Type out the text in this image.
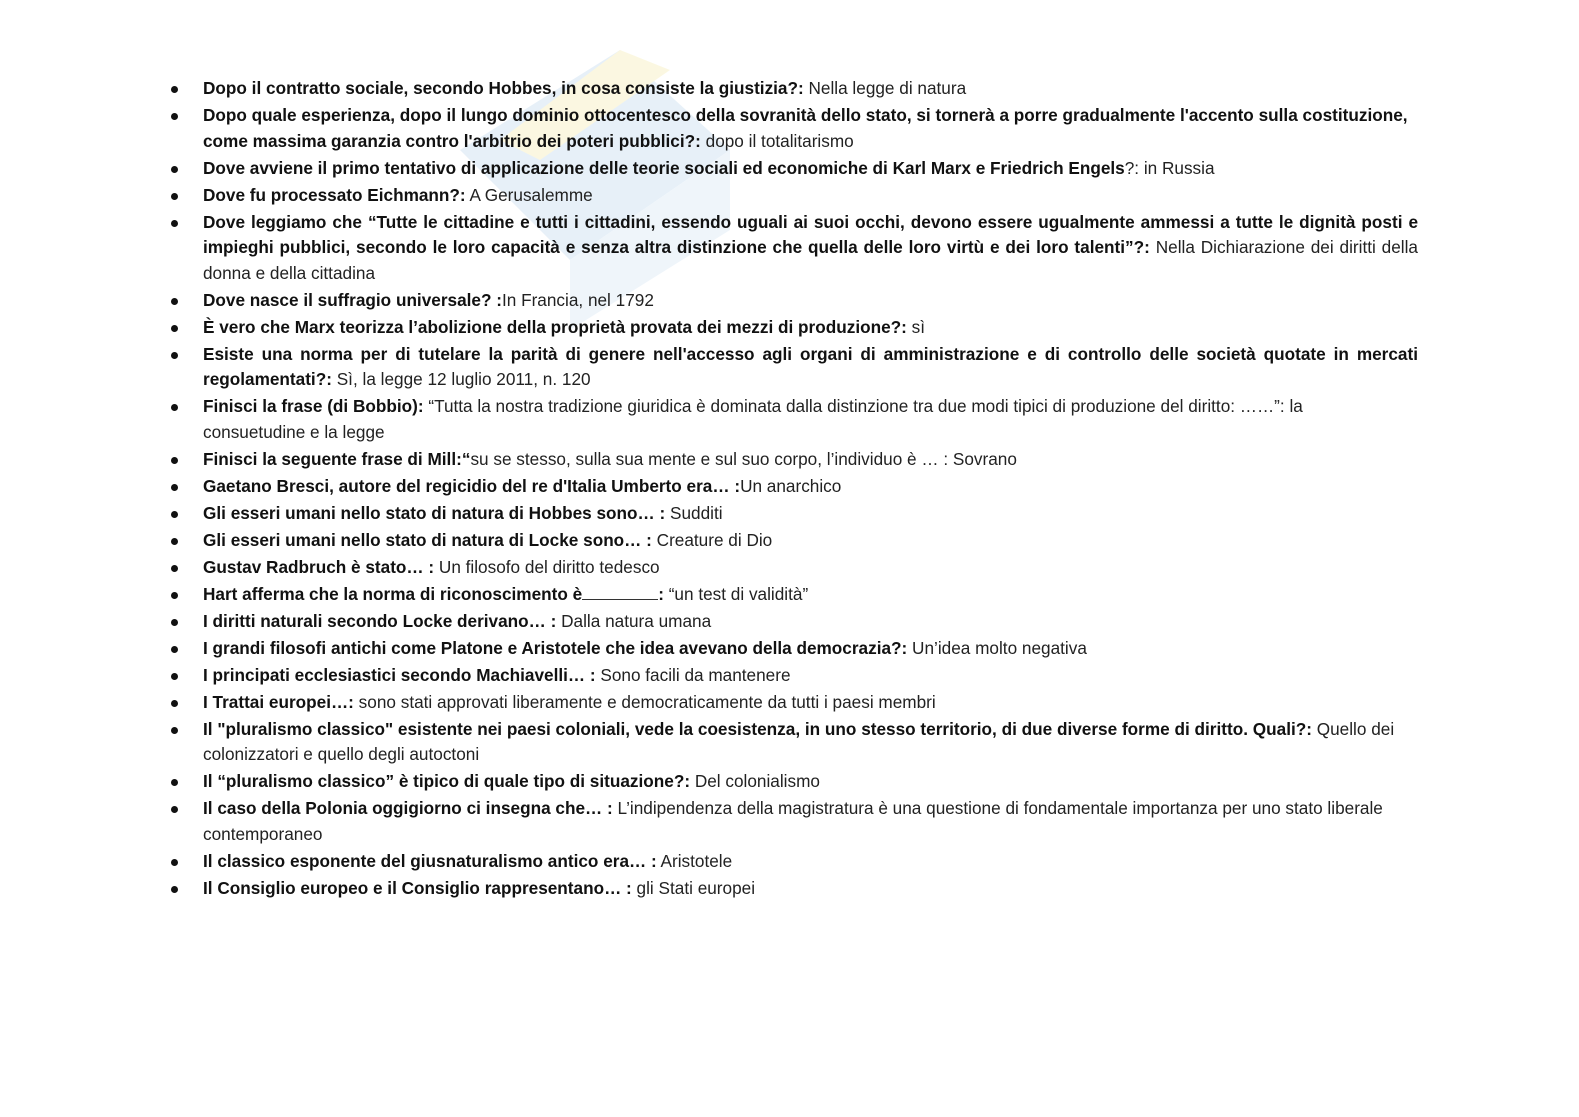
Dopo il contratto sociale, secondo Hobbes, in cosa consiste la giustizia?: Nella legge di natura
Dopo quale esperienza, dopo il lungo dominio ottocentesco della sovranità dello stato, si tornerà a porre gradualmente l'accento sulla costituzione, come massima garanzia contro l'arbitrio dei poteri pubblici?: dopo il totalitarismo
Dove avviene il primo tentativo di applicazione delle teorie sociali ed economiche di Karl Marx e Friedrich Engels?: in Russia
Dove fu processato Eichmann?: A Gerusalemme
Dove leggiamo che “Tutte le cittadine e tutti i cittadini, essendo uguali ai suoi occhi, devono essere ugualmente ammessi a tutte le dignità posti e impieghi pubblici, secondo le loro capacità e senza altra distinzione che quella delle loro virtù e dei loro talenti”?: Nella Dichiarazione dei diritti della donna e della cittadina
Dove nasce il suffragio universale? :In Francia, nel 1792
È vero che Marx teorizza l’abolizione della proprietà provata dei mezzi di produzione?: sì
Esiste una norma per di tutelare la parità di genere nell'accesso agli organi di amministrazione e di controllo delle società quotate in mercati regolamentati?: Sì, la legge 12 luglio 2011, n. 120
Finisci la frase (di Bobbio): “Tutta la nostra tradizione giuridica è dominata dalla distinzione tra due modi tipici di produzione del diritto: ……”: la
consuetudine e la legge
Finisci la seguente frase di Mill:“su se stesso, sulla sua mente e sul suo corpo, l’individuo è … : Sovrano
Gaetano Bresci, autore del regicidio del re d'Italia Umberto era… :Un anarchico
Gli esseri umani nello stato di natura di Hobbes sono… : Sudditi
Gli esseri umani nello stato di natura di Locke sono… : Creature di Dio
Gustav Radbruch è stato… : Un filosofo del diritto tedesco
Hart afferma che la norma di riconoscimento è	: “un test di validità”
I diritti naturali secondo Locke derivano… : Dalla natura umana
I grandi filosofi antichi come Platone e Aristotele che idea avevano della democrazia?: Un’idea molto negativa
I principati ecclesiastici secondo Machiavelli… : Sono facili da mantenere
I Trattai europei…: sono stati approvati liberamente e democraticamente da tutti i paesi membri
Il "pluralismo classico" esistente nei paesi coloniali, vede la coesistenza, in uno stesso territorio, di due diverse forme di diritto. Quali?: Quello dei colonizzatori e quello degli autoctoni
Il “pluralismo classico” è tipico di quale tipo di situazione?: Del colonialismo
Il caso della Polonia oggigiorno ci insegna che… : L’indipendenza della magistratura è una questione di fondamentale importanza per uno stato liberale contemporaneo
Il classico esponente del giusnaturalismo antico era… : Aristotele
Il Consiglio europeo e il Consiglio rappresentano… : gli Stati europei
